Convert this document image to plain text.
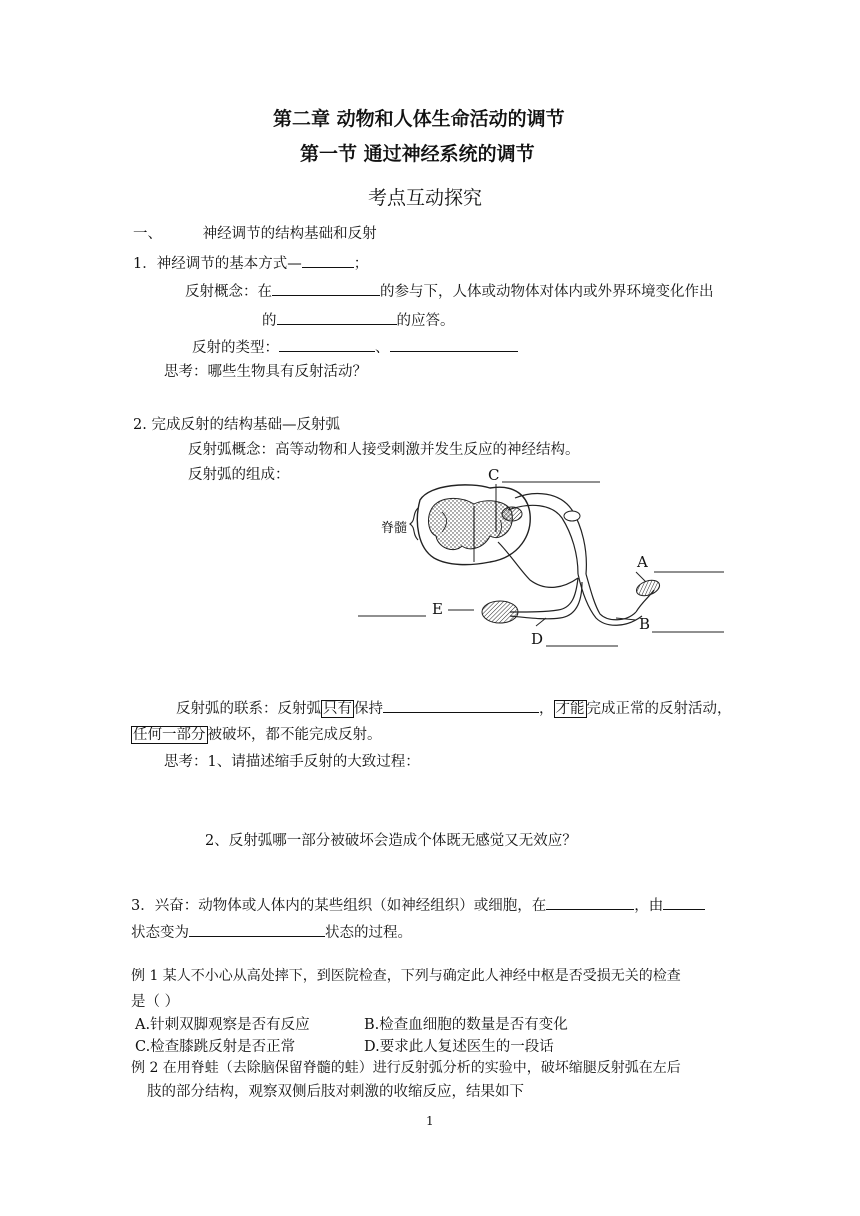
第二章 动物和人体生命活动的调节
第一节 通过神经系统的调节
考点互动探究
一、	神经调节的结构基础和反射
1．神经调节的基本方式—	；
反射概念：在	的参与下，人体或动物体对体内或外界环境变化作出
的	的应答。
反射的类型：	、
思考：哪些生物具有反射活动？
2. 完成反射的结构基础—反射弧
反射弧概念：高等动物和人接受刺激并发生反应的神经结构。
反射弧的组成：
脊髓
C
A
B
D
E
反射弧的联系：反射弧 只有 保持	， 才能 完成正常的反射活动，
任何一部分 被破坏，都不能完成反射。
思考：1、请描述缩手反射的大致过程：
2、反射弧哪一部分被破坏会造成个体既无感觉又无效应？
3．兴奋：动物体或人体内的某些组织（如神经组织）或细胞，在	，由
状态变为	状态的过程。
例 1 某人不小心从高处摔下，到医院检查，下列与确定此人神经中枢是否受损无关的检查
是（ ）
A.针刺双脚观察是否有反应	B.检查血细胞的数量是否有变化
C.检查膝跳反射是否正常	D.要求此人复述医生的一段话
例 2 在用脊蛙（去除脑保留脊髓的蛙）进行反射弧分析的实验中，破坏缩腿反射弧在左后
肢的部分结构，观察双侧后肢对刺激的收缩反应，结果如下
1
